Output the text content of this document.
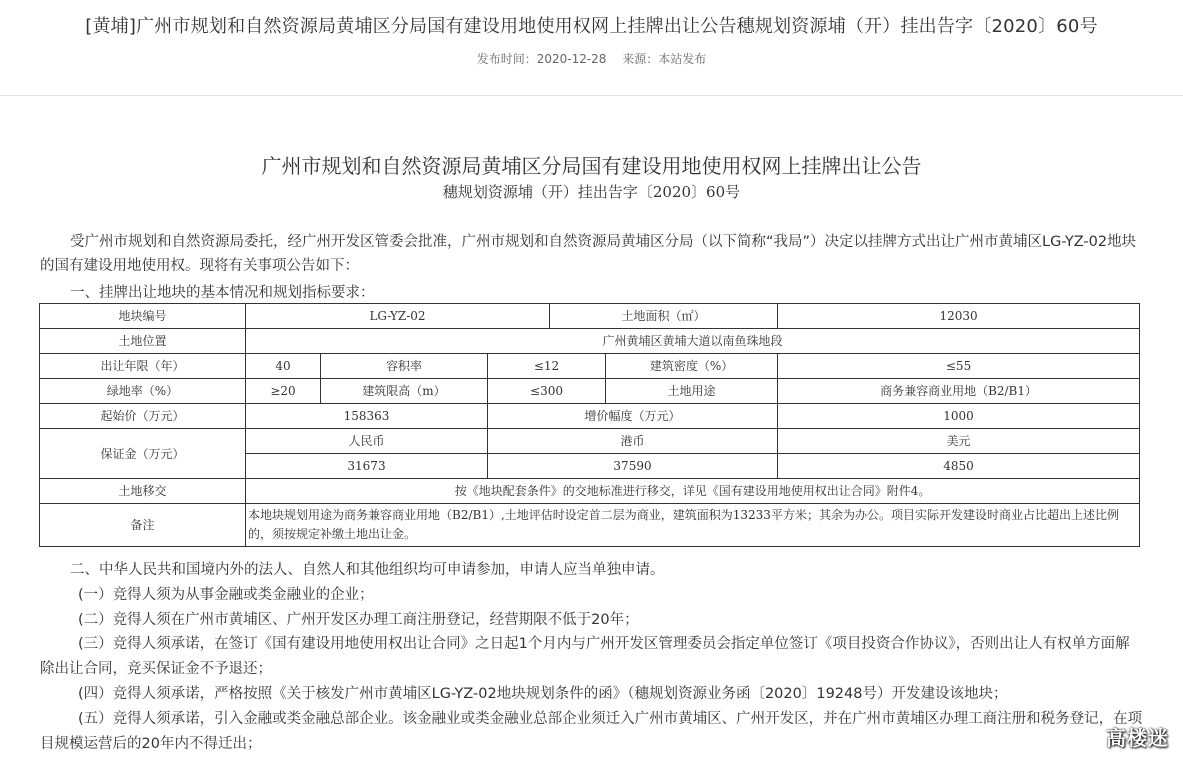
[黄埔]广州市规划和自然资源局黄埔区分局国有建设用地使用权网上挂牌出让公告穗规划资源埔（开）挂出告字〔2020〕60号
发布时间：2020-12-28 来源：本站发布
广州市规划和自然资源局黄埔区分局国有建设用地使用权网上挂牌出让公告
穗规划资源埔（开）挂出告字〔2020〕60号
受广州市规划和自然资源局委托，经广州开发区管委会批准，广州市规划和自然资源局黄埔区分局（以下简称“我局”）决定以挂牌方式出让广州市黄埔区LG-YZ-02地块的国有建设用地使用权。现将有关事项公告如下：
一、挂牌出让地块的基本情况和规划指标要求：
地块编号	LG-YZ-02			土地面积（㎡）		12030
土地位置	广州黄埔区黄埔大道以南鱼珠地段					
出让年限（年）	40	容积率	≤12		建筑密度（%）	≤55
绿地率（%）	≥20	建筑限高（m）	≤300		土地用途	商务兼容商业用地（B2/B1）
起始价（万元）	158363		增价幅度（万元）			1000
保证金（万元）	人民币		港币			美元
	31673		37590			4850
土地移交	按《地块配套条件》的交地标准进行移交，详见《国有建设用地使用权出让合同》附件4。					
备注	本地块规划用途为商务兼容商业用地（B2/B1）,土地评估时设定首二层为商业，建筑面积为13233平方米；其余为办公。项目实际开发建设时商业占比超出上述比例的，须按规定补缴土地出让金。					

二、中华人民共和国境内外的法人、自然人和其他组织均可申请参加，申请人应当单独申请。

(一）竞得人须为从事金融或类金融业的企业；

(二）竞得人须在广州市黄埔区、广州开发区办理工商注册登记，经营期限不低于20年；

(三）竞得人须承诺，在签订《国有建设用地使用权出让合同》之日起1个月内与广州开发区管理委员会指定单位签订《项目投资合作协议》，否则出让人有权单方面解除出让合同，竞买保证金不予退还；

(四）竞得人须承诺，严格按照《关于核发广州市黄埔区LG-YZ-02地块规划条件的函》（穗规划资源业务函〔2020〕19248号）开发建设该地块；

(五）竞得人须承诺，引入金融或类金融总部企业。该金融业或类金融业总部企业须迁入广州市黄埔区、广州开发区，并在广州市黄埔区办理工商注册和税务登记，在项目规模运营后的20年内不得迁出；	高楼迷
